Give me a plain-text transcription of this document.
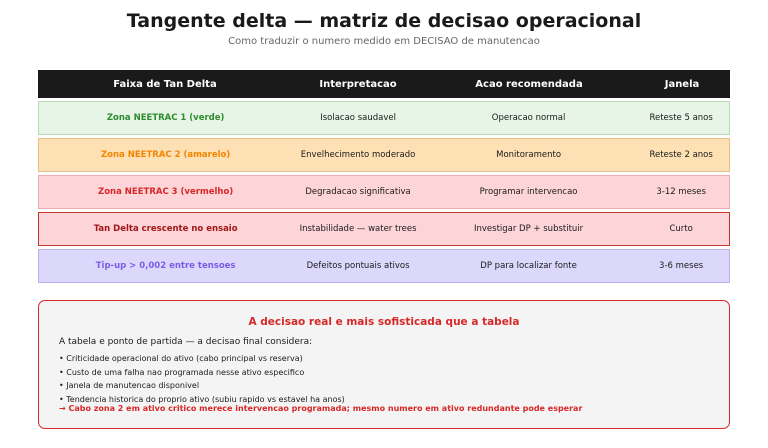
Tangente delta — matriz de decisao operacional
Como traduzir o numero medido em DECISAO de manutencao
Faixa de Tan Delta	Interpretacao	Acao recomendada	Janela
Zona NEETRAC 1 (verde)	Isolacao saudavel	Operacao normal	Reteste 5 anos
Zona NEETRAC 2 (amarelo)	Envelhecimento moderado	Monitoramento	Reteste 2 anos
Zona NEETRAC 3 (vermelho)	Degradacao significativa	Programar intervencao	3-12 meses
Tan Delta crescente no ensaio	Instabilidade — water trees	Investigar DP + substituir	Curto
Tip-up > 0,002 entre tensoes	Defeitos pontuais ativos	DP para localizar fonte	3-6 meses
A decisao real e mais sofisticada que a tabela
A tabela e ponto de partida — a decisao final considera:
• Criticidade operacional do ativo (cabo principal vs reserva)
• Custo de uma falha nao programada nesse ativo especifico
• Janela de manutencao disponivel
• Tendencia historica do proprio ativo (subiu rapido vs estavel ha anos)
→ Cabo zona 2 em ativo critico merece intervencao programada; mesmo numero em ativo redundante pode esperar
